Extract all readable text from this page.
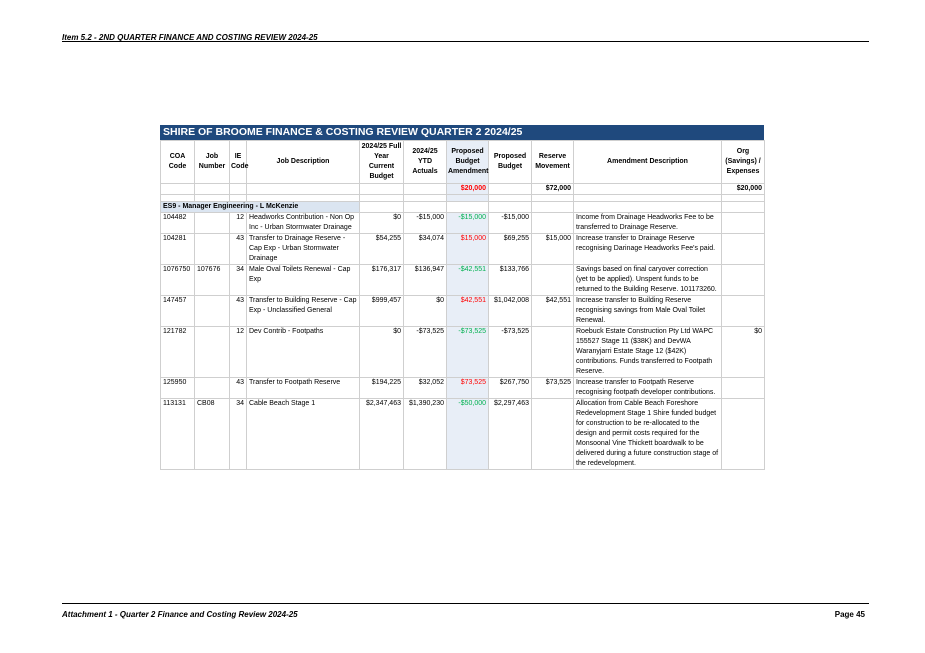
Item 5.2 - 2ND QUARTER FINANCE AND COSTING REVIEW 2024-25
SHIRE OF BROOME FINANCE & COSTING REVIEW QUARTER 2 2024/25
COA Code	Job Number	IE Code	Job Description	2024/25 Full Year Current Budget	2024/25 YTD Actuals	Proposed Budget Amendment	Proposed Budget	Reserve Movement	Amendment Description	Org (Savings) / Expenses
						$20,000		$72,000		$20,000

ES9 - Manager Engineering - L McKenzie										
104482		12	Headworks Contribution - Non Op Inc - Urban Stormwater Drainage	$0	-$15,000	-$15,000	-$15,000		Income from Drainage Headworks Fee to be transferred to Drainage Reserve.	
104281		43	Transfer to Drainage Reserve - Cap Exp - Urban Stormwater Drainage	$54,255	$34,074	$15,000	$69,255	$15,000	Increase transfer to Drainage Reserve recognising Darinage Headworks Fee's paid.	
1076750	107676	34	Male Oval Toilets Renewal - Cap Exp	$176,317	$136,947	-$42,551	$133,766		Savings based on final caryover correction (yet to be applied). Unspent funds to be returned to the Building Reserve. 101173260.	
147457		43	Transfer to Building Reserve - Cap Exp - Unclassified General	$999,457	$0	$42,551	$1,042,008	$42,551	Increase transfer to Building Reserve recognising savings from Male Oval Toilet Renewal.	
121782		12	Dev Contrib - Footpaths	$0	-$73,525	-$73,525	-$73,525		Roebuck Estate Construction Pty Ltd WAPC 155527 Stage 11 ($38K) and DevWA Waranyjarri Estate Stage 12 ($42K) contributions. Funds transferred to Footpath Reserve.	$0
125950		43	Transfer to Footpath Reserve	$194,225	$32,052	$73,525	$267,750	$73,525	Increase transfer to Footpath Reserve recognising footpath developer contributions.	
113131	CB08	34	Cable Beach Stage 1	$2,347,463	$1,390,230	-$50,000	$2,297,463		Allocation from Cable Beach Foreshore Redevelopment Stage 1 Shire funded budget for construction to be re-allocated to the design and permit costs required for the Monsoonal Vine Thickett boardwalk to be delivered during a future construction stage of the redevelopment.	
Attachment 1 - Quarter 2 Finance and Costing Review 2024-25	Page 45
